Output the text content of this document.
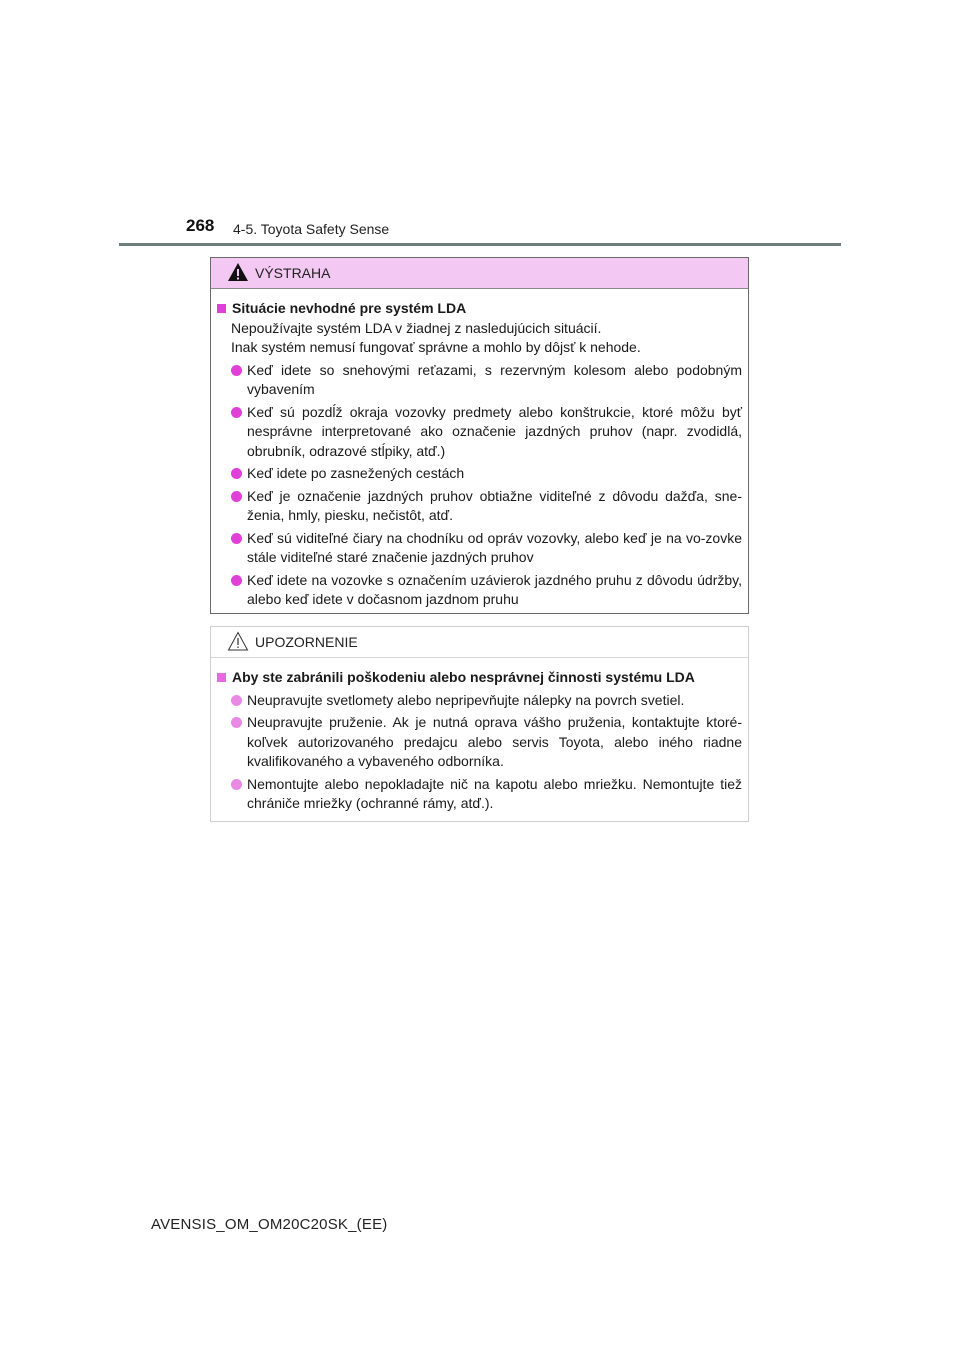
268 4-5. Toyota Safety Sense
VÝSTRAHA
Situácie nevhodné pre systém LDA
Nepoužívajte systém LDA v žiadnej z nasledujúcich situácií.
Inak systém nemusí fungovať správne a mohlo by dôjsť k nehode.
Keď idete so snehovými reťazami, s rezervným kolesom alebo podobným vybavením
Keď sú pozdĺž okraja vozovky predmety alebo konštrukcie, ktoré môžu byť nesprávne interpretované ako označenie jazdných pruhov (napr. zvodidlá, obrubník, odrazové stĺpiky, atď.)
Keď idete po zasnežených cestách
Keď je označenie jazdných pruhov obtiažne viditeľné z dôvodu dažďa, sne-ženia, hmly, piesku, nečistôt, atď.
Keď sú viditeľné čiary na chodníku od opráv vozovky, alebo keď je na vo-zovke stále viditeľné staré značenie jazdných pruhov
Keď idete na vozovke s označením uzávierok jazdného pruhu z dôvodu údržby, alebo keď idete v dočasnom jazdnom pruhu
UPOZORNENIE
Aby ste zabránili poškodeniu alebo nesprávnej činnosti systému LDA
Neupravujte svetlomety alebo nepripevňujte nálepky na povrch svetiel.
Neupravujte pruženie. Ak je nutná oprava vášho pruženia, kontaktujte ktoré-koľvek autorizovaného predajcu alebo servis Toyota, alebo iného riadne kvalifikovaného a vybaveného odborníka.
Nemontujte alebo nepokladajte nič na kapotu alebo mriežku. Nemontujte tiež chrániče mriežky (ochranné rámy, atď.).
AVENSIS_OM_OM20C20SK_(EE)
